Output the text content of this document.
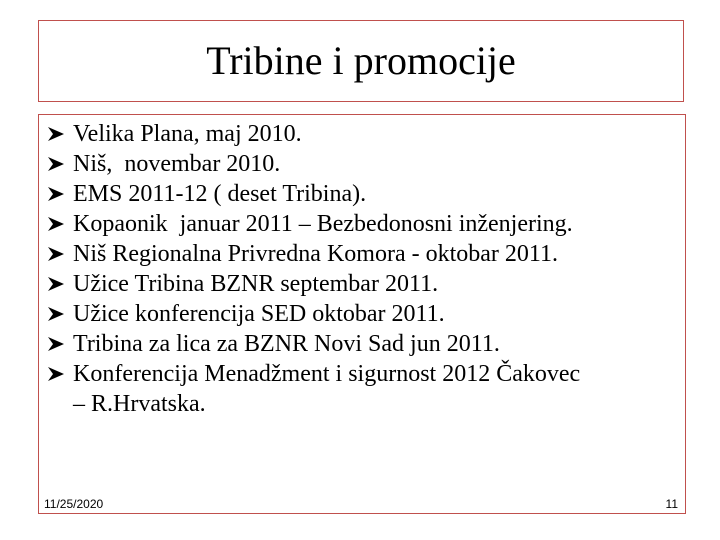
Tribine i promocije
Velika Plana, maj 2010.
Niš,  novembar 2010.
EMS 2011-12 ( deset Tribina).
Kopaonik  januar 2011 – Bezbedonosni inženjering.
Niš Regionalna Privredna Komora - oktobar 2011.
Užice Tribina BZNR septembar 2011.
Užice konferencija SED oktobar 2011.
Tribina za lica za BZNR Novi Sad jun 2011.
Konferencija Menadžment i sigurnost 2012 Čakovec
– R.Hrvatska.
11/25/2020	11
